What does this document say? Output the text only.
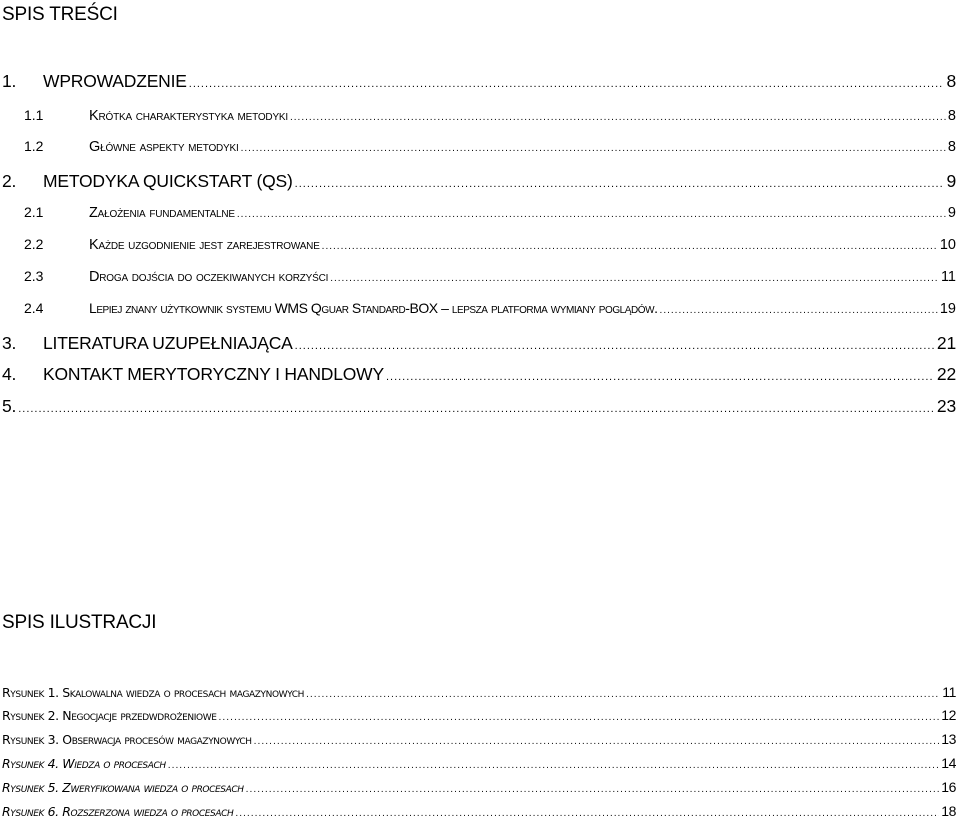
SPIS TREŚCI
1.	WPROWADZENIE .....	8
1.1	Krótka charakterystyka metodyki .....	8
1.2	Główne aspekty metodyki .....	8
2.	METODYKA QUICKSTART (QS) .....	9
2.1	Założenia fundamentalne .....	9
2.2	Każde uzgodnienie jest zarejestrowane .....	10
2.3	Droga dojścia do oczekiwanych korzyści .....	11
2.4	Lepiej znany użytkownik systemu WMS Qguar Standard-BOX – lepsza platforma wymiany poglądów. .....	19
3.	LITERATURA UZUPEŁNIAJĄCA .....	21
4.	KONTAKT MERYTORYCZNY I HANDLOWY .....	22
5. .....	23
SPIS ILUSTRACJI
Rysunek 1. Skalowalna wiedza o procesach magazynowych .....	11
Rysunek 2. Negocjacje przedwdrożeniowe .....	12
Rysunek 3. Obserwacja procesów magazynowych .....	13
Rysunek 4. Wiedza o procesach .....	14
Rysunek 5. Zweryfikowana wiedza o procesach .....	16
Rysunek 6. Rozszerzona wiedza o procesach .....	18
